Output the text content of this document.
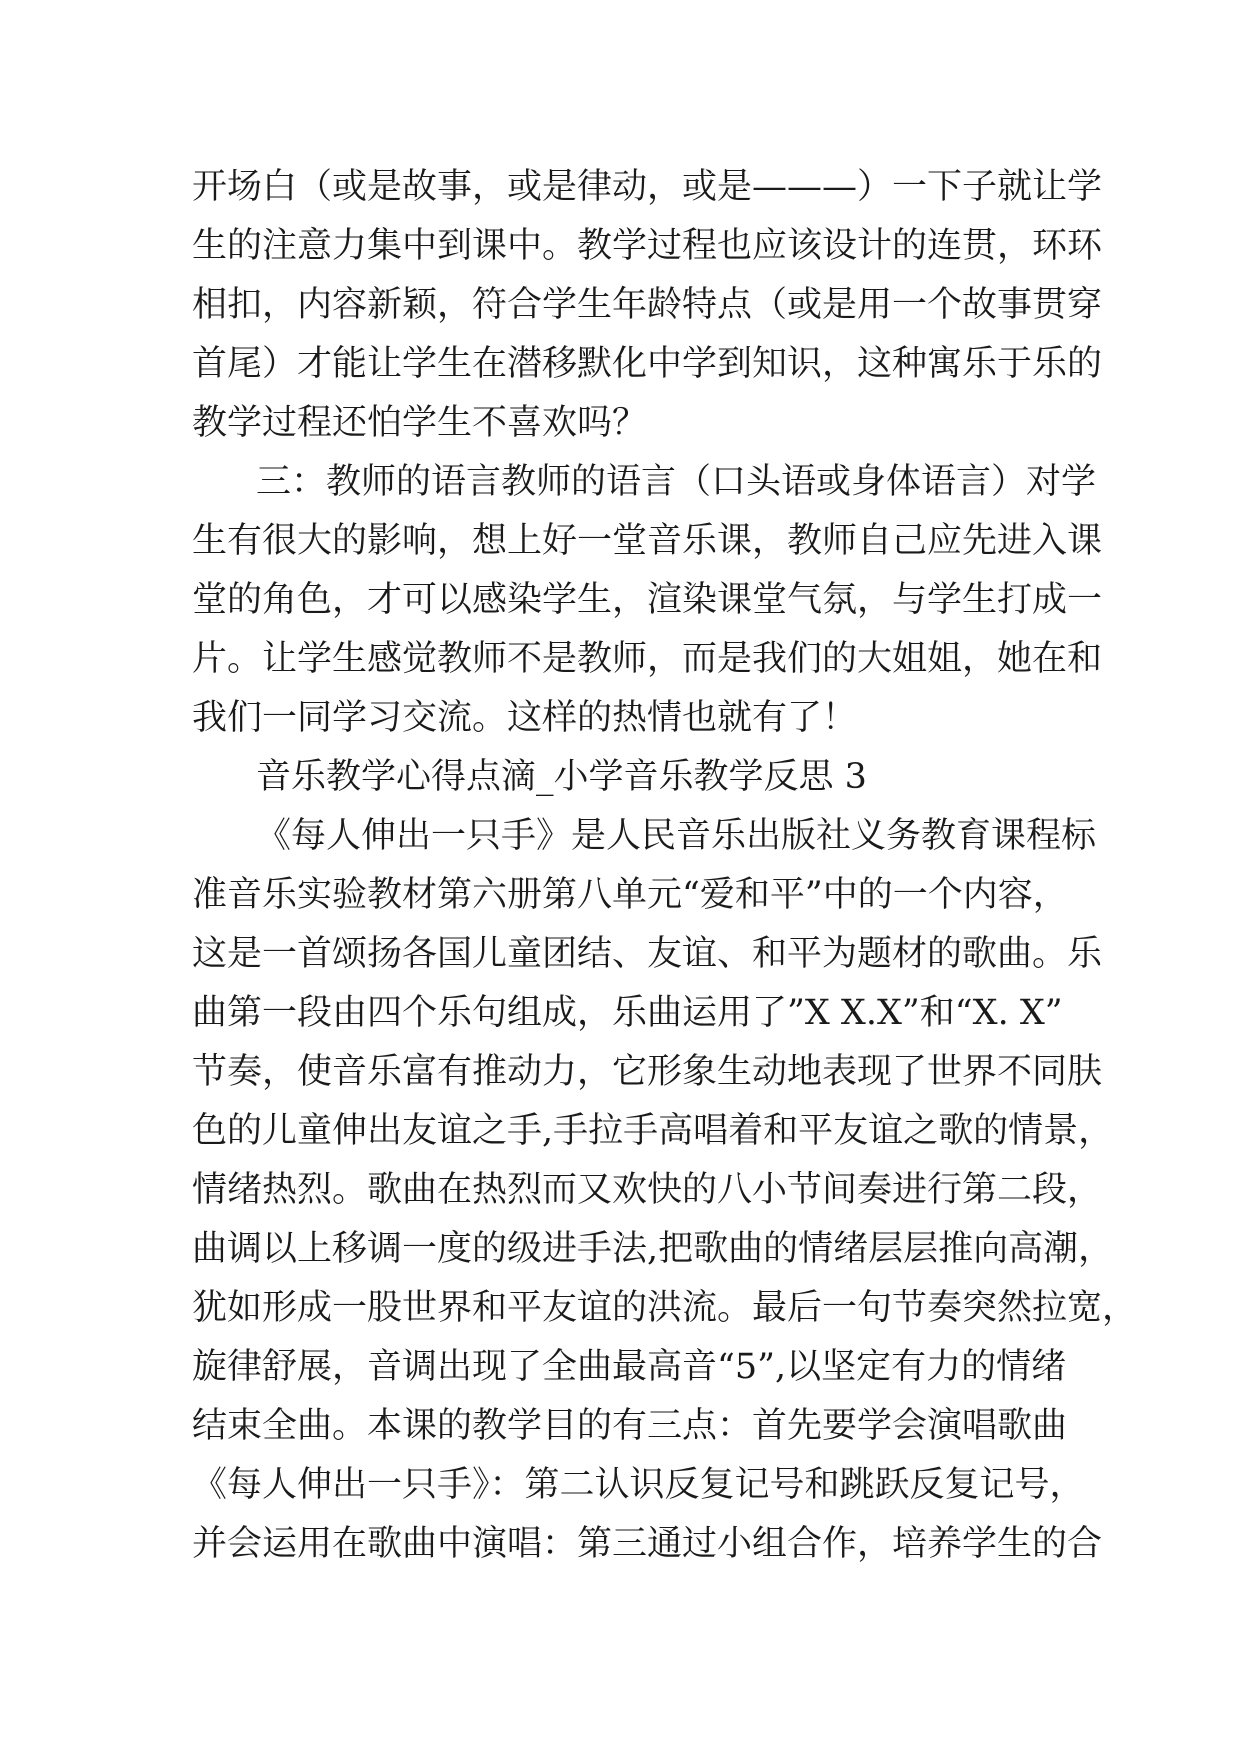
开场白（或是故事，或是律动，或是———）一下子就让学
生的注意力集中到课中。教学过程也应该设计的连贯，环环
相扣，内容新颖，符合学生年龄特点（或是用一个故事贯穿
首尾）才能让学生在潜移默化中学到知识，这种寓乐于乐的
教学过程还怕学生不喜欢吗？
三：教师的语言教师的语言（口头语或身体语言）对学
生有很大的影响，想上好一堂音乐课，教师自己应先进入课
堂的角色，才可以感染学生，渲染课堂气氛，与学生打成一
片。让学生感觉教师不是教师，而是我们的大姐姐，她在和
我们一同学习交流。这样的热情也就有了！
音乐教学心得点滴_小学音乐教学反思 3
《每人伸出一只手》是人民音乐出版社义务教育课程标
准音乐实验教材第六册第八单元“爱和平”中的一个内容，
这是一首颂扬各国儿童团结、友谊、和平为题材的歌曲。乐
曲第一段由四个乐句组成，乐曲运用了”X X.X”和“X. X”
节奏，使音乐富有推动力，它形象生动地表现了世界不同肤
色的儿童伸出友谊之手,手拉手高唱着和平友谊之歌的情景，
情绪热烈。歌曲在热烈而又欢快的八小节间奏进行第二段，
曲调以上移调一度的级进手法,把歌曲的情绪层层推向高潮，
犹如形成一股世界和平友谊的洪流。最后一句节奏突然拉宽，
旋律舒展，音调出现了全曲最高音“5”,以坚定有力的情绪
结束全曲。本课的教学目的有三点：首先要学会演唱歌曲
《每人伸出一只手》：第二认识反复记号和跳跃反复记号，
并会运用在歌曲中演唱：第三通过小组合作，培养学生的合
